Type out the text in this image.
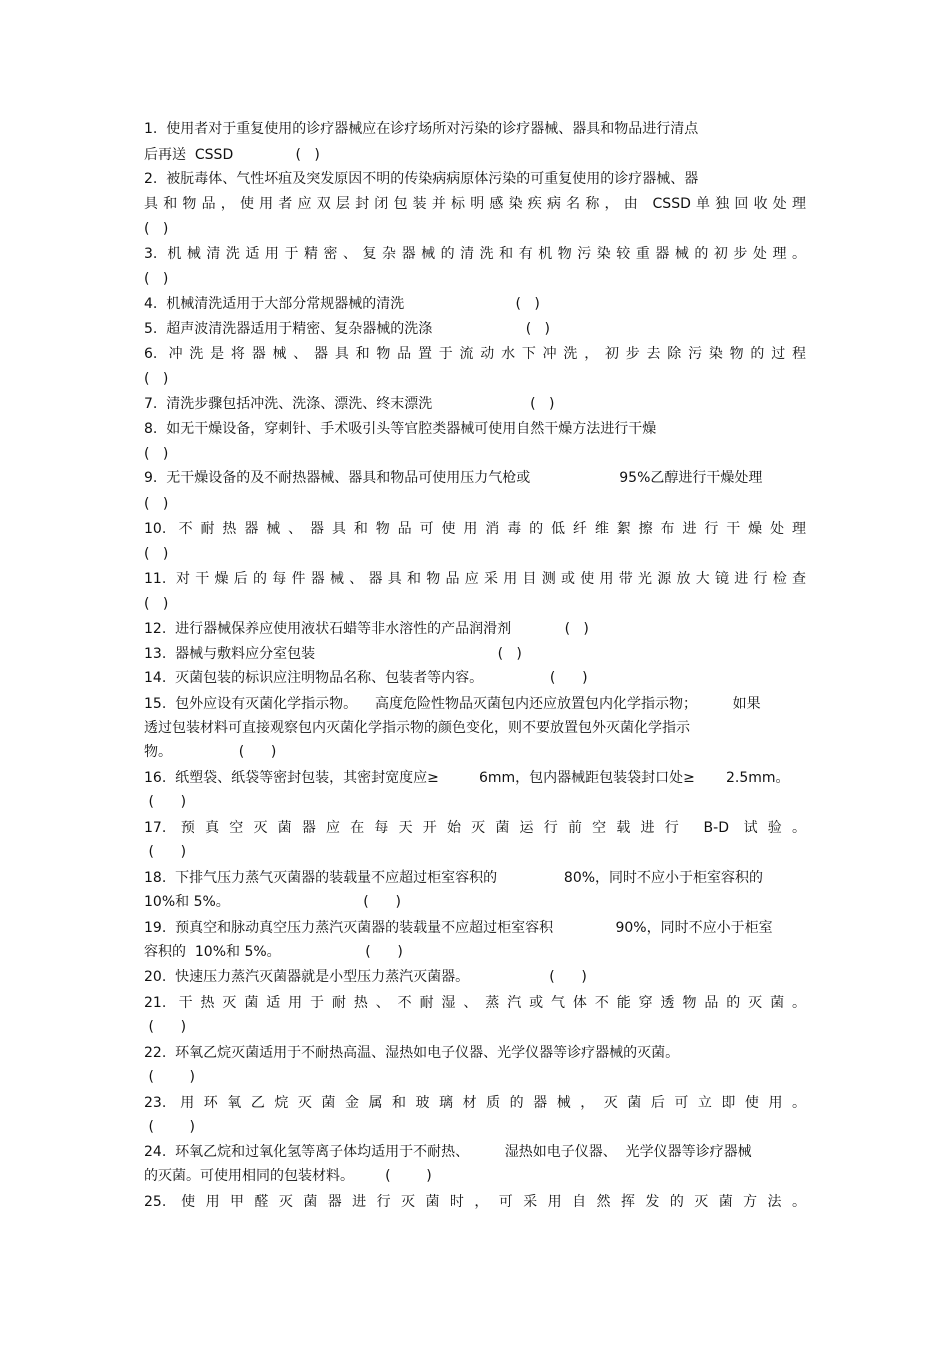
1.  使用者对于重复使用的诊疗器械应在诊疗场所对污染的诊疗器械、器具和物品进行清点
后再送  CSSD              (   )
2.  被朊毒体、气性坏疽及突发原因不明的传染病病原体污染的可重复使用的诊疗器械、器
具和物品，使用者应双层封闭包装并标明感染疾病名称，由 CSSD单独回收处理
(   )
3. 机械清洗适用于精密、复杂器械的清洗和有机物污染较重器械的初步处理。
(   )
4.  机械清洗适用于大部分常规器械的清洗                         (   )
5.  超声波清洗器适用于精密、复杂器械的洗涤                     (   )
6. 冲洗是将器械、器具和物品置于流动水下冲洗，初步去除污染物的过程
(   )
7.  清洗步骤包括冲洗、洗涤、漂洗、终末漂洗                      (   )
8.  如无干燥设备，穿刺针、手术吸引头等官腔类器械可使用自然干燥方法进行干燥
(   )
9.  无干燥设备的及不耐热器械、器具和物品可使用压力气枪或                    95%乙醇进行干燥处理
(   )
10. 不耐热器械、器具和物品可使用消毒的低纤维絮擦布进行干燥处理
(   )
11. 对干燥后的每件器械、器具和物品应采用目测或使用带光源放大镜进行检查
(   )
12.  进行器械保养应使用液状石蜡等非水溶性的产品润滑剂            (   )
13.  器械与敷料应分室包装                                         (   )
14.  灭菌包装的标识应注明物品名称、包装者等内容。               (      )
15.  包外应设有灭菌化学指示物。    高度危险性物品灭菌包内还应放置包内化学指示物；        如果
透过包装材料可直接观察包内灭菌化学指示物的颜色变化，则不要放置包外灭菌化学指示
物。               (      )
16.  纸塑袋、纸袋等密封包装，其密封宽度应≥         6mm，包内器械距包装袋封口处≥       2.5mm。
(      )
17. 预真空灭菌器应在每天开始灭菌运行前空载进行 B-D 试验。
(      )
18.  下排气压力蒸气灭菌器的装载量不应超过柜室容积的               80%，同时不应小于柜室容积的
10%和 5%。                              (      )
19.  预真空和脉动真空压力蒸汽灭菌器的装载量不应超过柜室容积              90%，同时不应小于柜室
容积的  10%和 5%。                   (      )
20.  快速压力蒸汽灭菌器就是小型压力蒸汽灭菌器。                  (      )
21. 干热灭菌适用于耐热、不耐湿、蒸汽或气体不能穿透物品的灭菌。
(      )
22.  环氧乙烷灭菌适用于不耐热高温、湿热如电子仪器、光学仪器等诊疗器械的灭菌。
(        )
23. 用环氧乙烷灭菌金属和玻璃材质的器械，灭菌后可立即使用。
(        )
24.  环氧乙烷和过氧化氢等离子体均适用于不耐热、        湿热如电子仪器、  光学仪器等诊疗器械
的灭菌。可使用相同的包装材料。       (        )
25. 使用甲醛灭菌器进行灭菌时，可采用自然挥发的灭菌方法。
